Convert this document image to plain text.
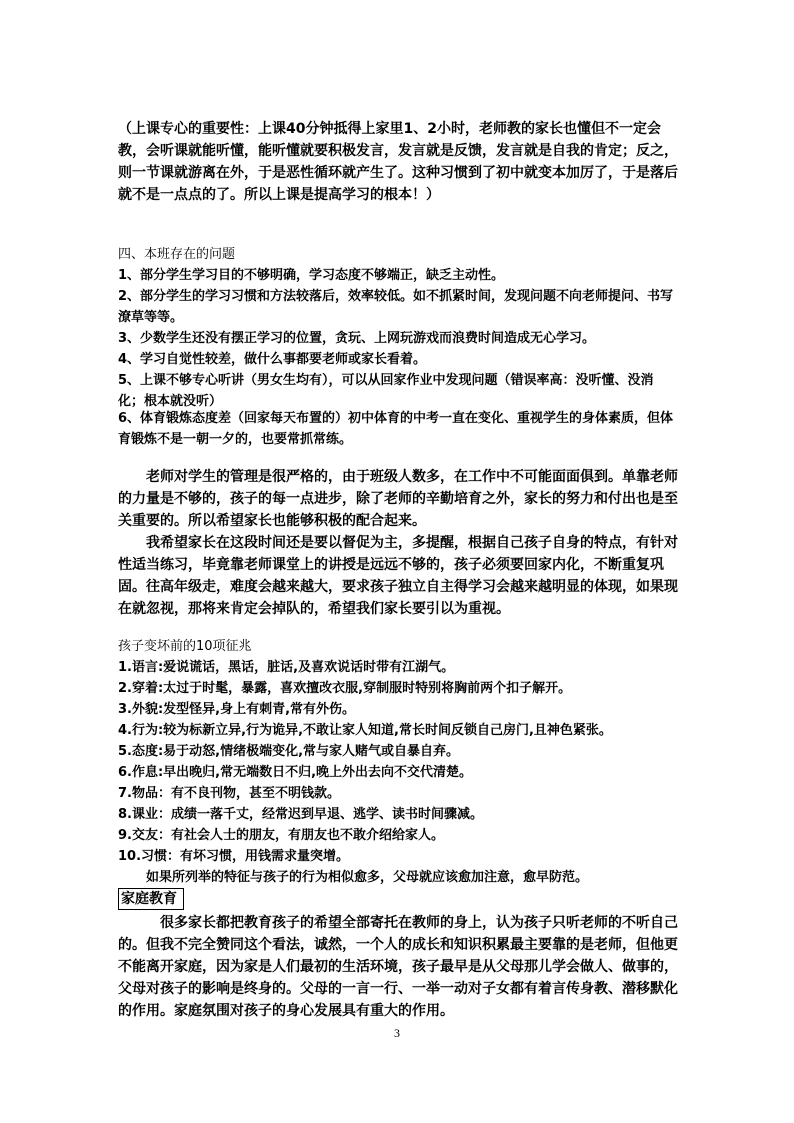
（上课专心的重要性：上课40分钟抵得上家里1、2小时，老师教的家长也懂但不一定会教，会听课就能听懂，能听懂就要积极发言，发言就是反馈，发言就是自我的肯定；反之，则一节课就游离在外，于是恶性循环就产生了。这种习惯到了初中就变本加厉了，于是落后就不是一点点的了。所以上课是提高学习的根本！）

四、本班存在的问题

1、部分学生学习目的不够明确，学习态度不够端正，缺乏主动性。

2、部分学生的学习习惯和方法较落后，效率较低。如不抓紧时间，发现问题不向老师提问、书写潦草等等。

3、少数学生还没有摆正学习的位置，贪玩、上网玩游戏而浪费时间造成无心学习。

4、学习自觉性较差，做什么事都要老师或家长看着。

5、上课不够专心听讲（男女生均有），可以从回家作业中发现问题（错误率高：没听懂、没消化；根本就没听）

6、体育锻炼态度差（回家每天布置的）初中体育的中考一直在变化、重视学生的身体素质，但体育锻炼不是一朝一夕的，也要常抓常练。

老师对学生的管理是很严格的，由于班级人数多，在工作中不可能面面俱到。单靠老师的力量是不够的，孩子的每一点进步，除了老师的辛勤培育之外，家长的努力和付出也是至关重要的。所以希望家长也能够积极的配合起来。

我希望家长在这段时间还是要以督促为主，多提醒，根据自己孩子自身的特点，有针对性适当练习，毕竟靠老师课堂上的讲授是远远不够的，孩子必须要回家内化，不断重复巩固。往高年级走，难度会越来越大，要求孩子独立自主得学习会越来越明显的体现，如果现在就忽视，那将来肯定会掉队的，希望我们家长要引以为重视。

孩子变坏前的10项征兆

1.语言:爱说谎话，黑话，脏话,及喜欢说话时带有江湖气。

2.穿着:太过于时髦，暴露，喜欢擅改衣服,穿制服时特别将胸前两个扣子解开。

3.外貌:发型怪异,身上有刺青,常有外伤。

4.行为:较为标新立异,行为诡异,不敢让家人知道,常长时间反锁自己房门,且神色紧张。

5.态度:易于动怒,情绪极端变化,常与家人赌气或自暴自弃。

6.作息:早出晚归,常无端数日不归,晚上外出去向不交代清楚。

7.物品：有不良刊物，甚至不明钱款。

8.课业：成绩一落千丈，经常迟到早退、逃学、读书时间骤减。

9.交友：有社会人士的朋友，有朋友也不敢介绍给家人。

10.习惯：有坏习惯，用钱需求量突增。

如果所列举的特征与孩子的行为相似愈多，父母就应该愈加注意，愈早防范。

家庭教育

很多家长都把教育孩子的希望全部寄托在教师的身上，认为孩子只听老师的不听自己的。但我不完全赞同这个看法，诚然，一个人的成长和知识积累最主要靠的是老师，但他更不能离开家庭，因为家是人们最初的生活环境，孩子最早是从父母那儿学会做人、做事的，父母对孩子的影响是终身的。父母的一言一行、一举一动对子女都有着言传身教、潜移默化的作用。家庭氛围对孩子的身心发展具有重大的作用。

3
